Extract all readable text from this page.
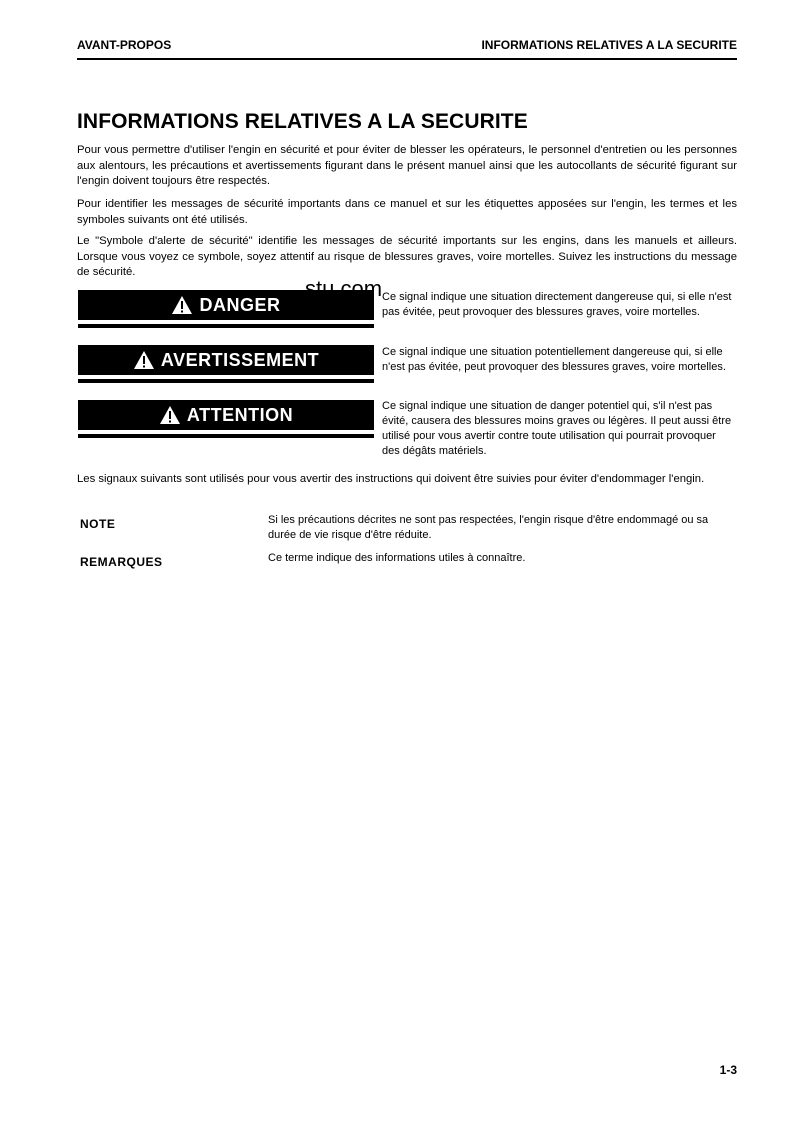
AVANT-PROPOS	INFORMATIONS RELATIVES A LA SECURITE
INFORMATIONS RELATIVES A LA SECURITE
Pour vous permettre d'utiliser l'engin en sécurité et pour éviter de blesser les opérateurs, le personnel d'entretien ou les personnes aux alentours, les précautions et avertissements figurant dans le présent manuel ainsi que les autocollants de sécurité figurant sur l'engin doivent toujours être respectés.
Pour identifier les messages de sécurité importants dans ce manuel et sur les étiquettes apposées sur l'engin, les termes et les symboles suivants ont été utilisés.
Le "Symbole d'alerte de sécurité" identifie les messages de sécurité importants sur les engins, dans les manuels et ailleurs. Lorsque vous voyez ce symbole, soyez attentif au risque de blessures graves, voire mortelles. Suivez les instructions du message de sécurité.
DANGER	Ce signal indique une situation directement dangereuse qui, si elle n'est pas évitée, peut provoquer des blessures graves, voire mortelles.
AVERTISSEMENT	Ce signal indique une situation potentiellement dangereuse qui, si elle n'est pas évitée, peut provoquer des blessures graves, voire mortelles.
ATTENTION	Ce signal indique une situation de danger potentiel qui, s'il n'est pas évité, causera des blessures moins graves ou légères. Il peut aussi être utilisé pour vous avertir contre toute utilisation qui pourrait provoquer des dégâts matériels.
stu.com
Les signaux suivants sont utilisés pour vous avertir des instructions qui doivent être suivies pour éviter d'endommager l'engin.
NOTE	Si les précautions décrites ne sont pas respectées, l'engin risque d'être endommagé ou sa durée de vie risque d'être réduite.
REMARQUES	Ce terme indique des informations utiles à connaître.
1-3
